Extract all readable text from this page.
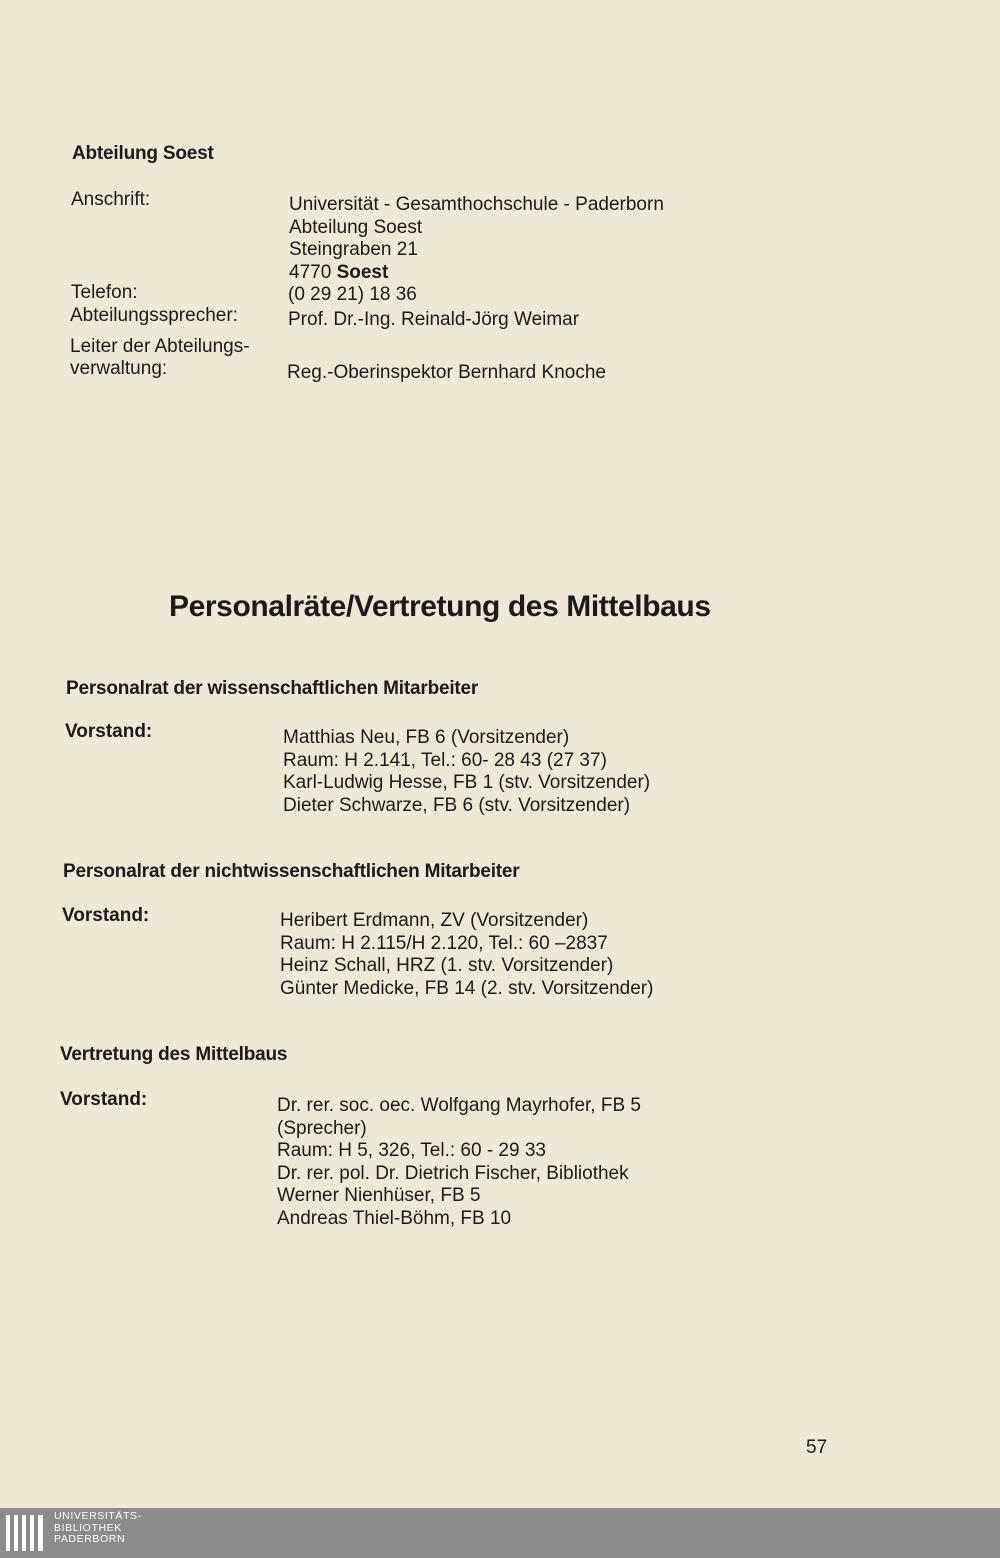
Abteilung Soest
Anschrift:	Universität - Gesamthochschule - Paderborn
Abteilung Soest
Steingraben 21
4770 Soest
Telefon:	(0 29 21) 18 36
Abteilungssprecher:	Prof. Dr.-Ing. Reinald-Jörg Weimar
Leiter der Abteilungs-
verwaltung:	Reg.-Oberinspektor Bernhard Knoche
Personalräte/Vertretung des Mittelbaus
Personalrat der wissenschaftlichen Mitarbeiter
Vorstand:	Matthias Neu, FB 6 (Vorsitzender)
Raum: H 2.141, Tel.: 60- 28 43 (27 37)
Karl-Ludwig Hesse, FB 1 (stv. Vorsitzender)
Dieter Schwarze, FB 6 (stv. Vorsitzender)
Personalrat der nichtwissenschaftlichen Mitarbeiter
Vorstand:	Heribert Erdmann, ZV (Vorsitzender)
Raum: H 2.115/H 2.120, Tel.: 60 –2837
Heinz Schall, HRZ (1. stv. Vorsitzender)
Günter Medicke, FB 14 (2. stv. Vorsitzender)
Vertretung des Mittelbaus
Vorstand:	Dr. rer. soc. oec. Wolfgang Mayrhofer, FB 5
(Sprecher)
Raum: H 5, 326, Tel.: 60 - 29 33
Dr. rer. pol. Dr. Dietrich Fischer, Bibliothek
Werner Nienhüser, FB 5
Andreas Thiel-Böhm, FB 10
57
UNIVERSITÄTS-
BIBLIOTHEK
PADERBORN
